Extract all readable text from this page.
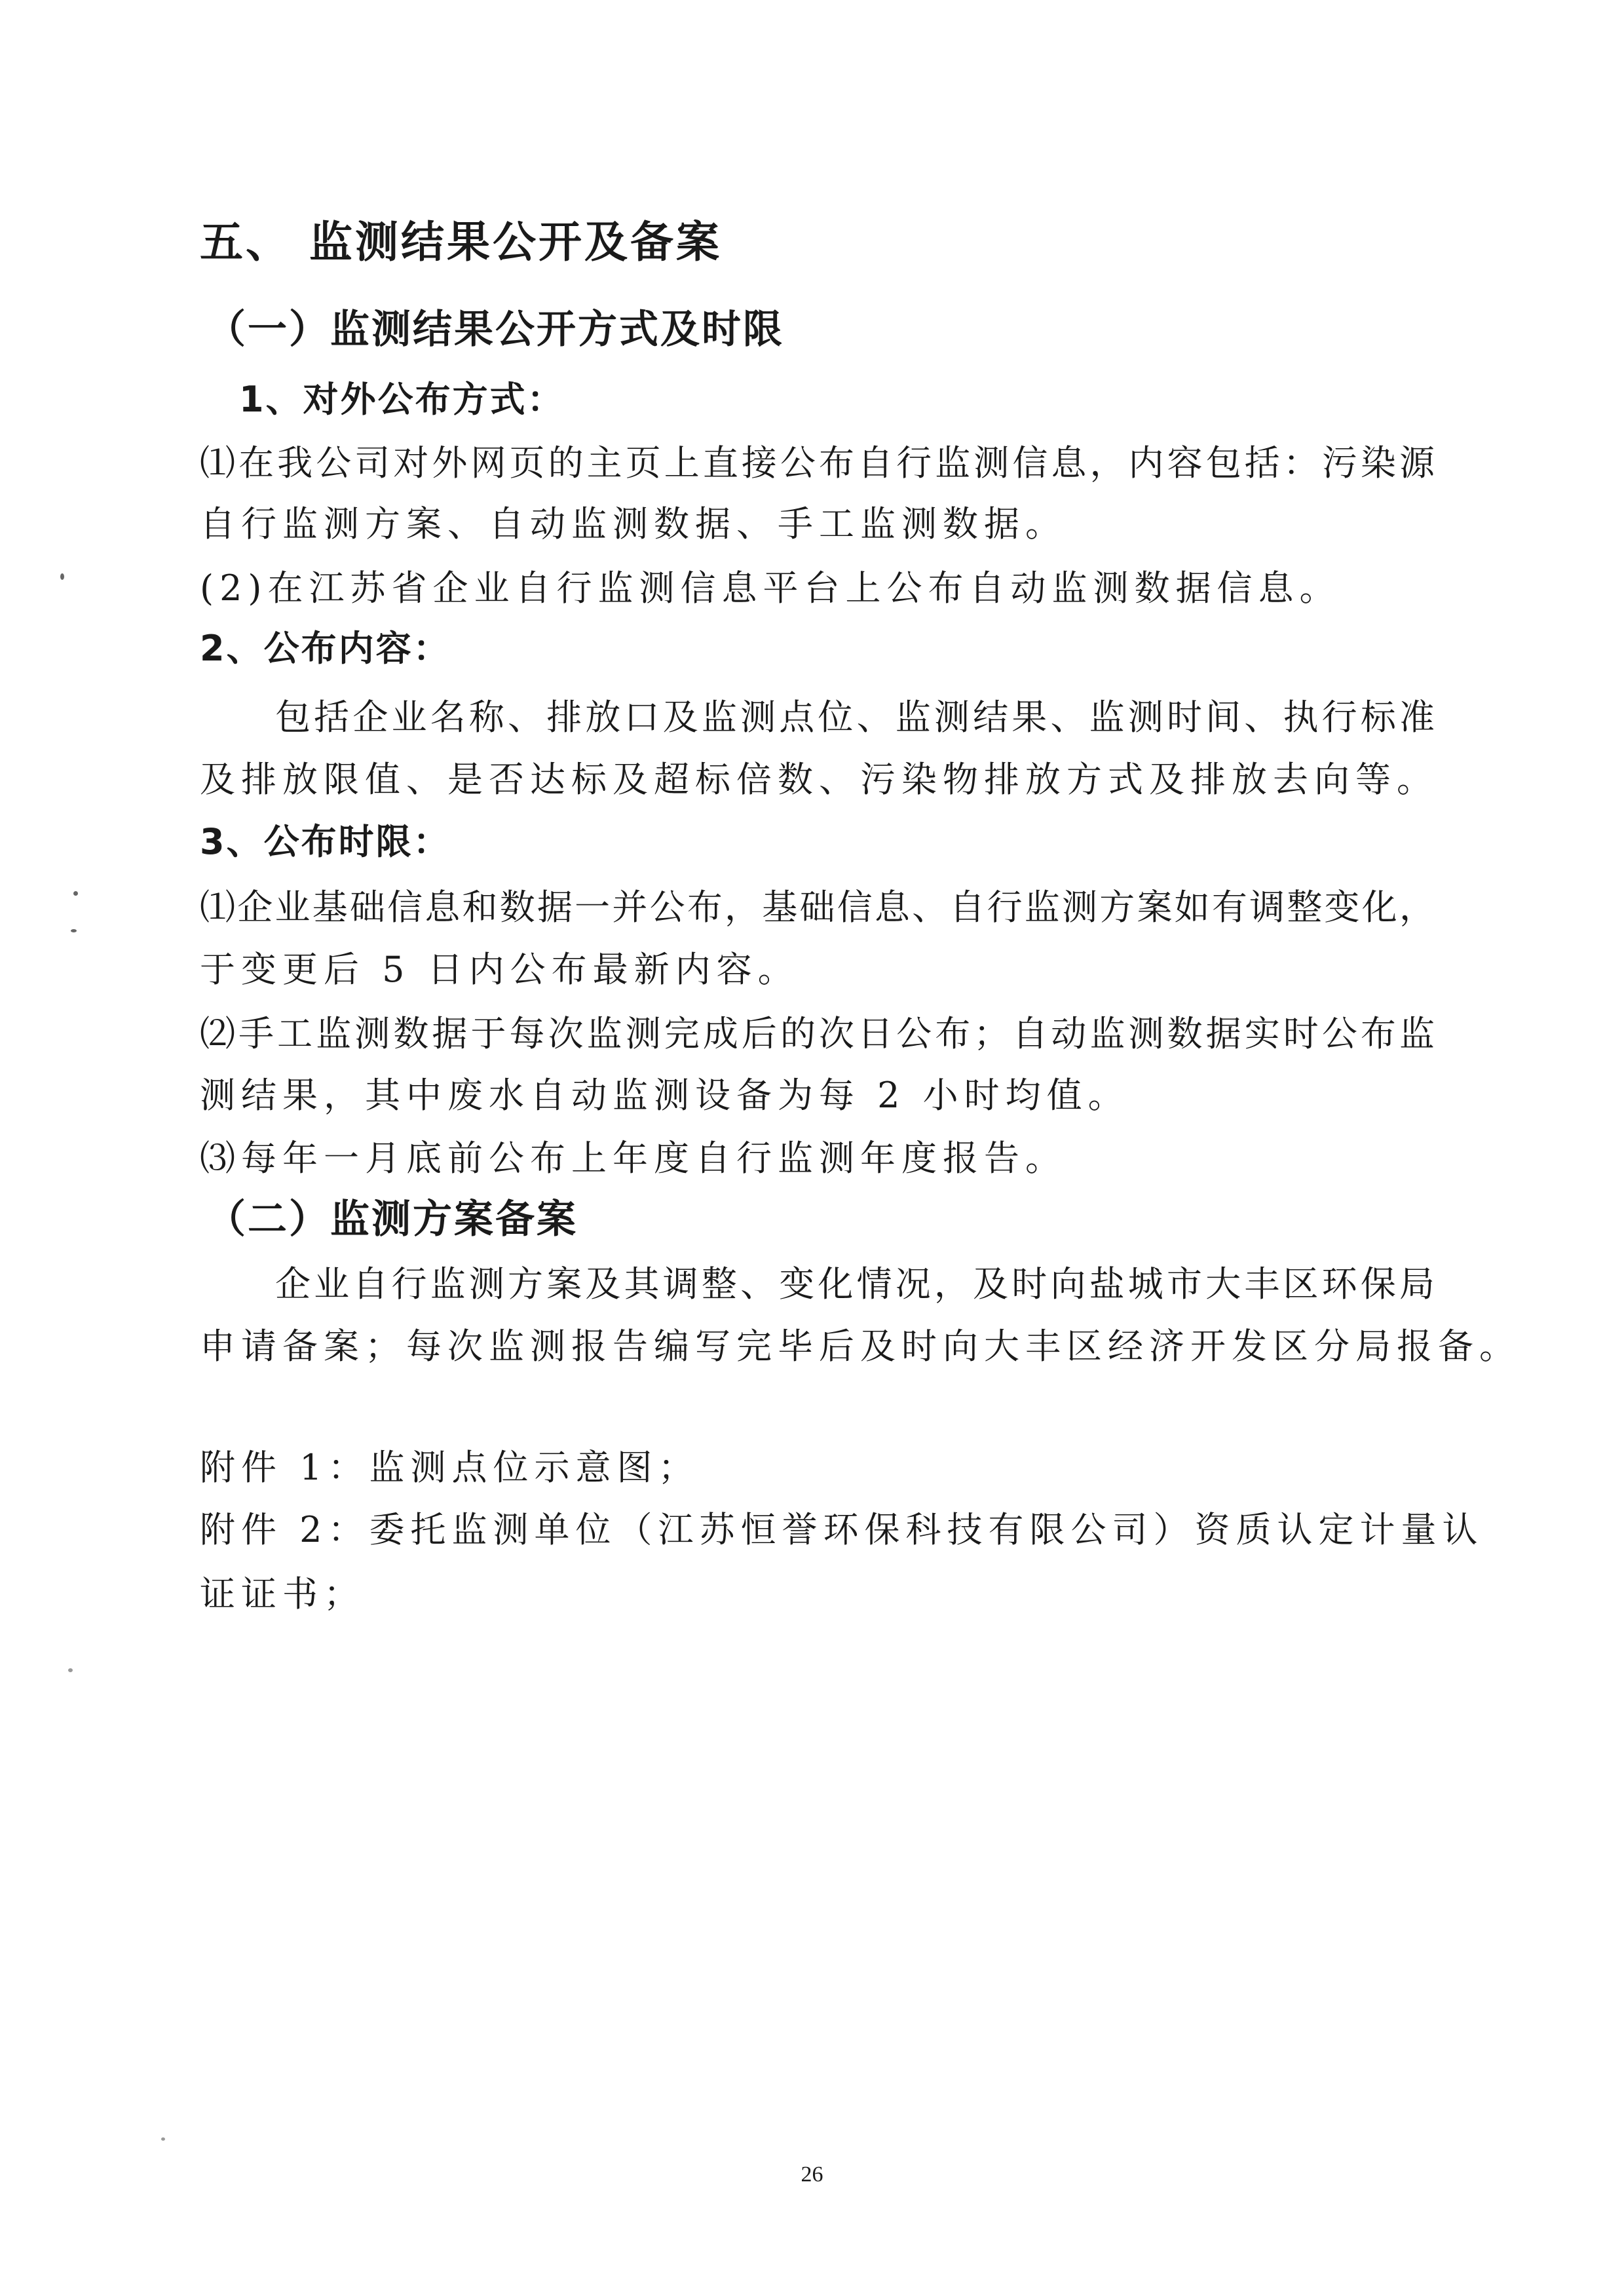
五、 监测结果公开及备案
（一）监测结果公开方式及时限
1、对外公布方式：
⑴在我公司对外网页的主页上直接公布自行监测信息，内容包括：污染源
自行监测方案、自动监测数据、手工监测数据。
(2)在江苏省企业自行监测信息平台上公布自动监测数据信息。
2、公布内容：
包括企业名称、排放口及监测点位、监测结果、监测时间、执行标准
及排放限值、是否达标及超标倍数、污染物排放方式及排放去向等。
3、公布时限：
⑴企业基础信息和数据一并公布，基础信息、自行监测方案如有调整变化，
于变更后 5 日内公布最新内容。
⑵手工监测数据于每次监测完成后的次日公布；自动监测数据实时公布监
测结果，其中废水自动监测设备为每 2 小时均值。
⑶每年一月底前公布上年度自行监测年度报告。
（二）监测方案备案
企业自行监测方案及其调整、变化情况，及时向盐城市大丰区环保局
申请备案；每次监测报告编写完毕后及时向大丰区经济开发区分局报备。
附件 1：监测点位示意图；
附件 2：委托监测单位（江苏恒誉环保科技有限公司）资质认定计量认
证证书；
26
